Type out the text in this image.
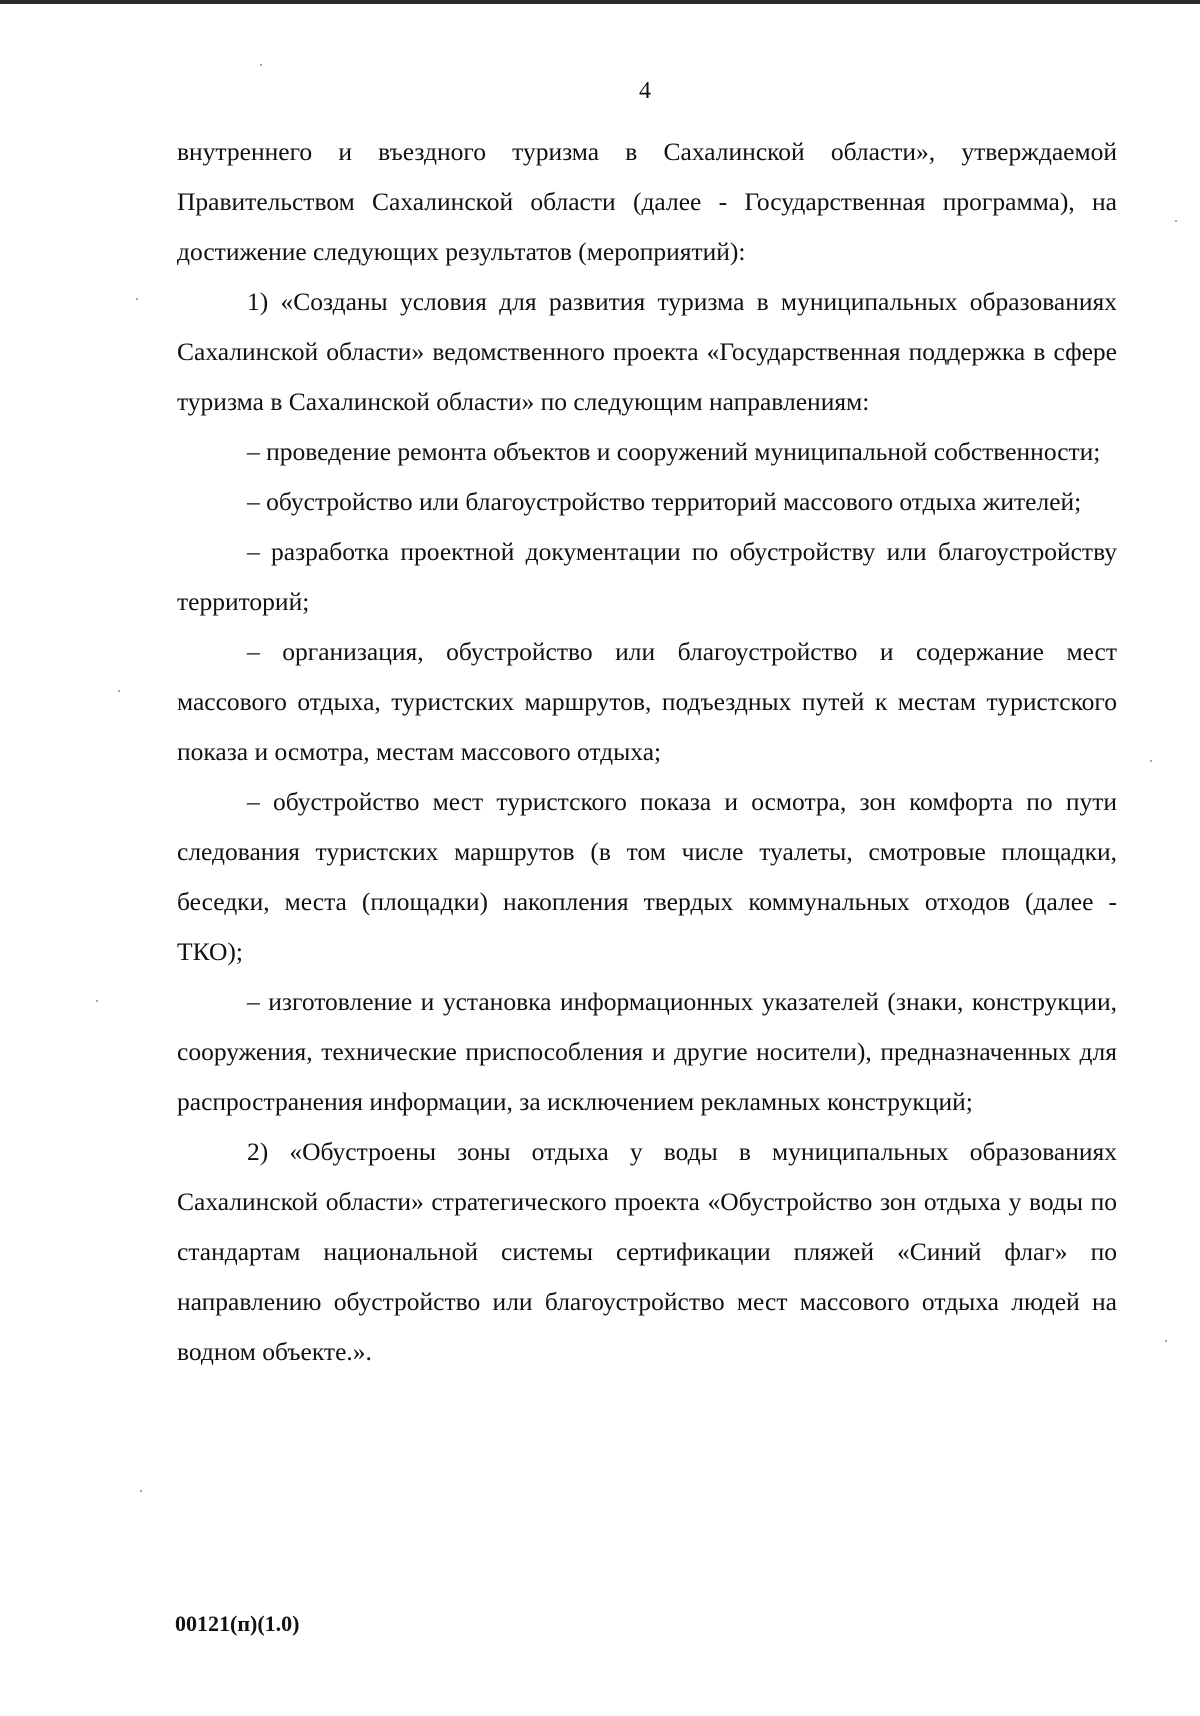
4

внутреннего и въездного туризма в Сахалинской области», утверждаемой Правительством Сахалинской области (далее - Государственная программа), на достижение следующих результатов (мероприятий):

1) «Созданы условия для развития туризма в муниципальных образованиях Сахалинской области» ведомственного проекта «Государственная поддержка в сфере туризма в Сахалинской области» по следующим направлениям:

– проведение ремонта объектов и сооружений муниципальной собственности;

– обустройство или благоустройство территорий массового отдыха жителей;

– разработка проектной документации по обустройству или благоустройству территорий;

– организация, обустройство или благоустройство и содержание мест массового отдыха, туристских маршрутов, подъездных путей к местам туристского показа и осмотра, местам массового отдыха;

– обустройство мест туристского показа и осмотра, зон комфорта по пути следования туристских маршрутов (в том числе туалеты, смотровые площадки, беседки, места (площадки) накопления твердых коммунальных отходов (далее - ТКО);

– изготовление и установка информационных указателей (знаки, конструкции, сооружения, технические приспособления и другие носители), предназначенных для распространения информации, за исключением рекламных конструкций;

2) «Обустроены зоны отдыха у воды в муниципальных образованиях Сахалинской области» стратегического проекта «Обустройство зон отдыха у воды по стандартам национальной системы сертификации пляжей «Синий флаг» по направлению обустройство или благоустройство мест массового отдыха людей на водном объекте.».

00121(п)(1.0)
